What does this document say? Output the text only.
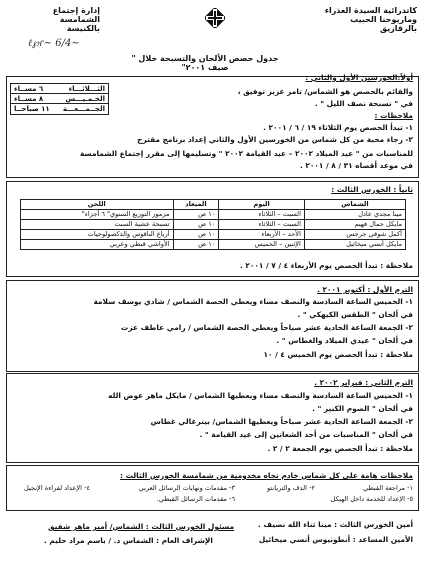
كاتدرائية السيدة العذراء
ومارپوحنا الحبيب
بالزقازيق
إدارة إجتماع الشمامسة
بالكنيسة
~ℓ℘ɾ~ 6/4
جدول حصص الألحان والتسبحة خلال " صيف ٢٠٠١"
الثـــلاثـــاء
٦ مســاء
الخـمـيـــس
٨ مســاء
الجــمـــعـــة
١١ صباحــا
أولاً:الخورسين الأول والثاني :
والقائم بالحصص هو الشماس/ تامر عزيز توفيق ،
في " تسبحة نصف الليل " .
ملاحظات :
١- تبدأ الحصص يوم الثلاثاء ١٩ / ٦ / ٢٠٠١ .
٢- رجاء محبة من كل شماس من الخورسين الأول والثاني إعداد برنامج مقترح
للمناسبات من " عيد الميلاد ٢٠٠٢ – عيد القيامة ٢٠٠٢ " وتسليمها إلى مقرر إجتماع الشمامسة
في موعد أقصاه ٣١ / ٨ / ٢٠٠١ .
ثانياً : الخورس الثالث :
الشماس	اليوم	الميعاد	اللحن
مينا مجدي عادل	السبت – الثلاثاء	١٠ ص	مزمور التوزيع السنوي" ٦ أجزاء"
مايكل جمال فهيم	السبت – الثلاثاء	١٠ ص	تسبحة عشية السبت
أكمل شوقي جرجس	الأحد – الأربعاء	١٠ ص	أرباع الناقوس والذكصولوجيات
مايكل أنسي ميخائيل	الإثنين – الخميس	١٠ ص	الأواشي قبطي وعربي
ملاحظة : تبدأ الحصص يوم الأربعاء ٤ / ٧ / ٢٠٠١ .
الترم الأول : أكتوبر ٢٠٠١ .
١- الخميس الساعة السادسة والنصف مساء ويعطي الحصة الشماس / شادي يوسف سلامة
في ألحان " الطقس الكيهكي " .
٢- الجمعة الساعة الحادية عشر صباحاً ويعطي الحصة الشماس / رامي عاطف عزت
في ألحان " عيدي الميلاد والغطاس " .
ملاحظة : تبدأ الحصص يوم الخميس ٤ / ١٠
الترم الثاني : فبراير ٢٠٠٢ .
١- الخميس الساعة السادسة والنصف مساء ويعطيها الشماس / مايكل ماهر عوض الله
في ألحان " الصوم الكبير " .
٢- الجمعة الساعة الحادية عشر صباحاً ويعطيها الشماس/ بيترغالي غطاس
في ألحان " المناسبات من أحد الشعانين إلى عيد القيامة " .
ملاحظة : تبدأ الحصص يوم الجمعة ٢ / ٢ .
ملاحظات هامة على كل شماس خادم تجاه مخدومية من شمامسة الخورس الثالث :
١- مراجعة القبطي
٢- الدف والتريانتو
٣- مقدمات ونهايات الرسائل العربي
٤- الإعداد لقراءة الإنجيل
٥- الإعداد للخدمة داخل الهيكل
٦- مقدمات الرسائل القبطي.
أمين الخورس الثالث : مينا ثناء الله نصيف .
الأمين المساعد : أنطونيوس أنسي ميخائيل
مسئول الخورس الثالث : الشماس/ أمير ماهر شفيق
الإشراف العام : الشماس د. / باسم مراد حليم .
